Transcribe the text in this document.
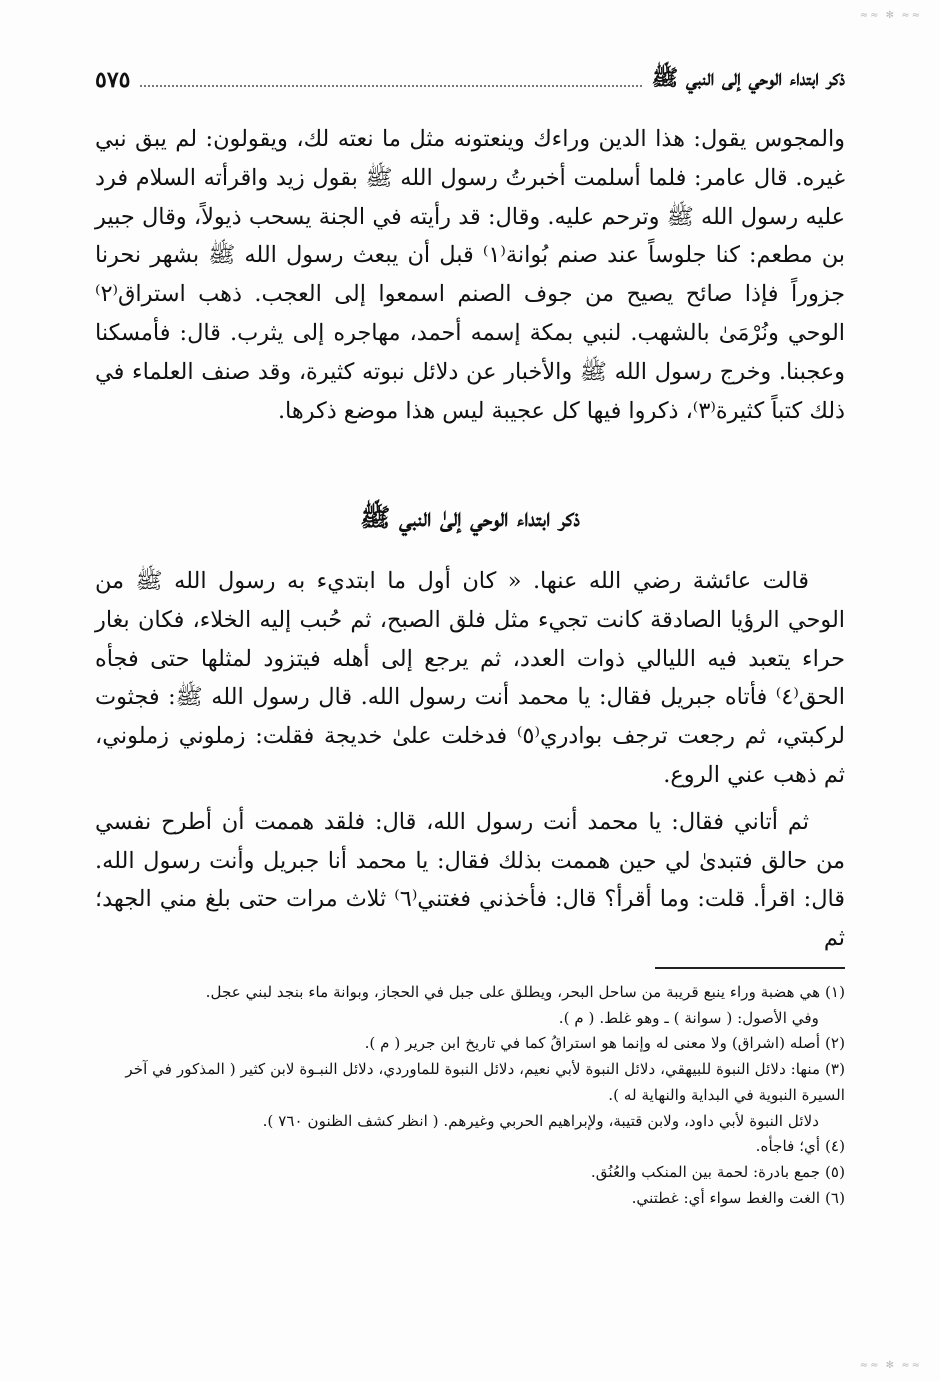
≈≈ ✻ ≈≈
ذكر ابتداء الوحي إلى النبي ﷺ
٥٧٥

والمجوس يقول: هذا الدين وراءك وينعتونه مثل ما نعته لك، ويقولون: لم يبق نبي غيره. قال عامر: فلما أسلمت أخبرتُ رسول الله ﷺ بقول زيد واقرأته السلام فرد عليه رسول الله ﷺ وترحم عليه. وقال: قد رأيته في الجنة يسحب ذيولاً، وقال جبير بن مطعم: كنا جلوساً عند صنم بُوانة⁽١⁾ قبل أن يبعث رسول الله ﷺ بشهر نحرنا جزوراً فإذا صائح يصيح من جوف الصنم اسمعوا إلى العجب. ذهب استراق⁽٢⁾ الوحي ونُرْمَىٰ بالشهب. لنبي بمكة إسمه أحمد، مهاجره إلى يثرب. قال: فأمسكنا وعجبنا. وخرج رسول الله ﷺ والأخبار عن دلائل نبوته كثيرة، وقد صنف العلماء في ذلك كتباً كثيرة⁽٣⁾، ذكروا فيها كل عجيبة ليس هذا موضع ذكرها.

ذكر ابتداء الوحي إلىٰ النبي ﷺ

قالت عائشة رضي الله عنها. « كان أول ما ابتديء به رسول الله ﷺ من الوحي الرؤيا الصادقة كانت تجيء مثل فلق الصبح، ثم حُبب إليه الخلاء، فكان بغار حراء يتعبد فيه الليالي ذوات العدد، ثم يرجع إلى أهله فيتزود لمثلها حتى فجأه الحق⁽٤⁾ فأتاه جبريل فقال: يا محمد أنت رسول الله. قال رسول الله ﷺ: فجثوت لركبتي، ثم رجعت ترجف بوادري⁽٥⁾ فدخلت علىٰ خديجة فقلت: زملوني زملوني، ثم ذهب عني الروع.

ثم أتاني فقال: يا محمد أنت رسول الله، قال: فلقد هممت أن أطرح نفسي من حالق فتبدىٰ لي حين هممت بذلك فقال: يا محمد أنا جبريل وأنت رسول الله. قال: اقرأ. قلت: وما أقرأ؟ قال: فأخذني فغتني⁽٦⁾ ثلاث مرات حتى بلغ مني الجهد؛ ثم

(١) هي هضبة وراء ينبع قريبة من ساحل البحر، ويطلق على جبل في الحجاز، وبوانة ماء بنجد لبني عجل.

وفي الأصول: ( سوانة ) ـ وهو غلط. ( م ).

(٢) أصله (اشراق) ولا معنى له وإنما هو استراقُ كما في تاريخ ابن جرير ( م ).

(٣) منها: دلائل النبوة للبيهقي، دلائل النبوة لأبي نعيم، دلائل النبوة للماوردي، دلائل النبـوة لابن كثير ( المذكور في آخر السيرة النبوية في البداية والنهاية له ).

دلائل النبوة لأبي داود، ولابن قتيبة، ولإبراهيم الحربي وغيرهم. ( انظر كشف الظنون ٧٦٠ ).

(٤) أي؛ فاجأه.

(٥) جمع بادرة: لحمة بين المنكب والعُنُق.

(٦) الغت والغط سواء أي: غطتني.

≈≈ ✻ ≈≈
